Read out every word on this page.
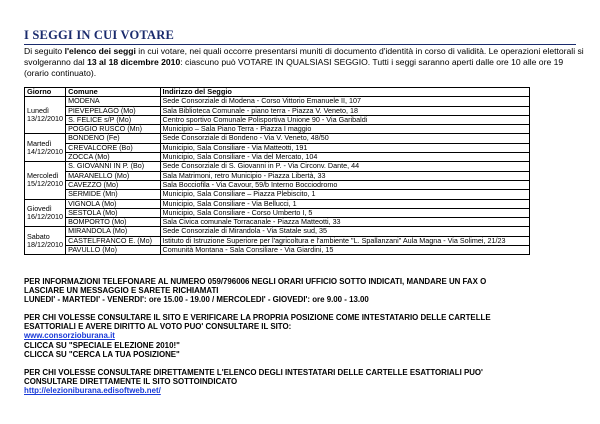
I SEGGI IN CUI VOTARE
Di seguito l'elenco dei seggi in cui votare, nei quali occorre presentarsi muniti di documento d'identità in corso di validità. Le operazioni elettorali si svolgeranno dal 13 al 18 dicembre 2010: ciascuno può VOTARE IN QUALSIASI SEGGIO. Tutti i seggi saranno aperti dalle ore 10 alle ore 19 (orario continuato).
Giorno	Comune	Indirizzo del Seggio

Lunedì
13/12/2010	MODENA	Sede Consorziale di Modena - Corso Vittorio Emanuele II, 107
	PIEVEPELAGO (Mo)	Sala Biblioteca Comunale - piano terra - Piazza V. Veneto, 18
	S. FELICE s/P (Mo)	Centro sportivo Comunale Polisportiva Unione 90 - Via Garibaldi
	POGGIO RUSCO (Mn)	Municipio – Sala Piano Terra - Piazza I maggio

Martedì
14/12/2010	BONDENO (Fe)	Sede Consorziale di Bondeno - Via V. Veneto, 48/50
	CREVALCORE (Bo)	Municipio, Sala Consiliare - Via Matteotti, 191
	ZOCCA (Mo)	Municipio, Sala Consiliare - Via del Mercato, 104

Mercoledì
15/12/2010	S. GIOVANNI IN P. (Bo)	Sede Consorziale di S. Giovanni in P. - Via Circonv. Dante, 44
	MARANELLO (Mo)	Sala Matrimoni, retro Municipio - Piazza Libertà, 33
	CAVEZZO (Mo)	Sala Bocciofila - Via Cavour, 59/b Interno Bocciodromo
	SERMIDE (Mn)	Municipio, Sala Consiliare – Piazza Plebiscito, 1

Giovedì
16/12/2010	VIGNOLA (Mo)	Municipio, Sala Consiliare - Via Bellucci, 1
	SESTOLA (Mo)	Municipio, Sala Consiliare - Corso Umberto I, 5
	BOMPORTO (Mo)	Sala Civica comunale Torracanale - Piazza Matteotti, 33

Sabato
18/12/2010	MIRANDOLA (Mo)	Sede Consorziale di Mirandola - Via Statale sud, 35
	CASTELFRANCO E. (Mo)	Istituto di Istruzione Superiore per l'agricoltura e l'ambiente "L. Spallanzani" Aula Magna - Via Solimei, 21/23
	PAVULLO (Mo)	Comunità Montana - Sala Consiliare - Via Giardini, 15
PER INFORMAZIONI TELEFONARE AL NUMERO 059/796006 NEGLI ORARI UFFICIO SOTTO INDICATI, MANDARE UN FAX O
LASCIARE UN MESSAGGIO E SARETE RICHIAMATI
LUNEDI' - MARTEDI' - VENERDI': ore 15.00 - 19.00 / MERCOLEDI' - GIOVEDI': ore 9.00 - 13.00
PER CHI VOLESSE CONSULTARE IL SITO E VERIFICARE LA PROPRIA POSIZIONE COME INTESTATARIO DELLE CARTELLE
ESATTORIALI E AVERE DIRITTO AL VOTO PUO' CONSULTARE IL SITO:
www.consorzioburana.it
CLICCA SU "SPECIALE ELEZIONE 2010!"
CLICCA SU "CERCA LA TUA POSIZIONE"
PER CHI VOLESSE CONSULTARE DIRETTAMENTE L'ELENCO DEGLI INTESTATARI DELLE CARTELLE ESATTORIALI PUO'
CONSULTARE DIRETTAMENTE IL SITO SOTTOINDICATO
http://elezioniburana.edisoftweb.net/
